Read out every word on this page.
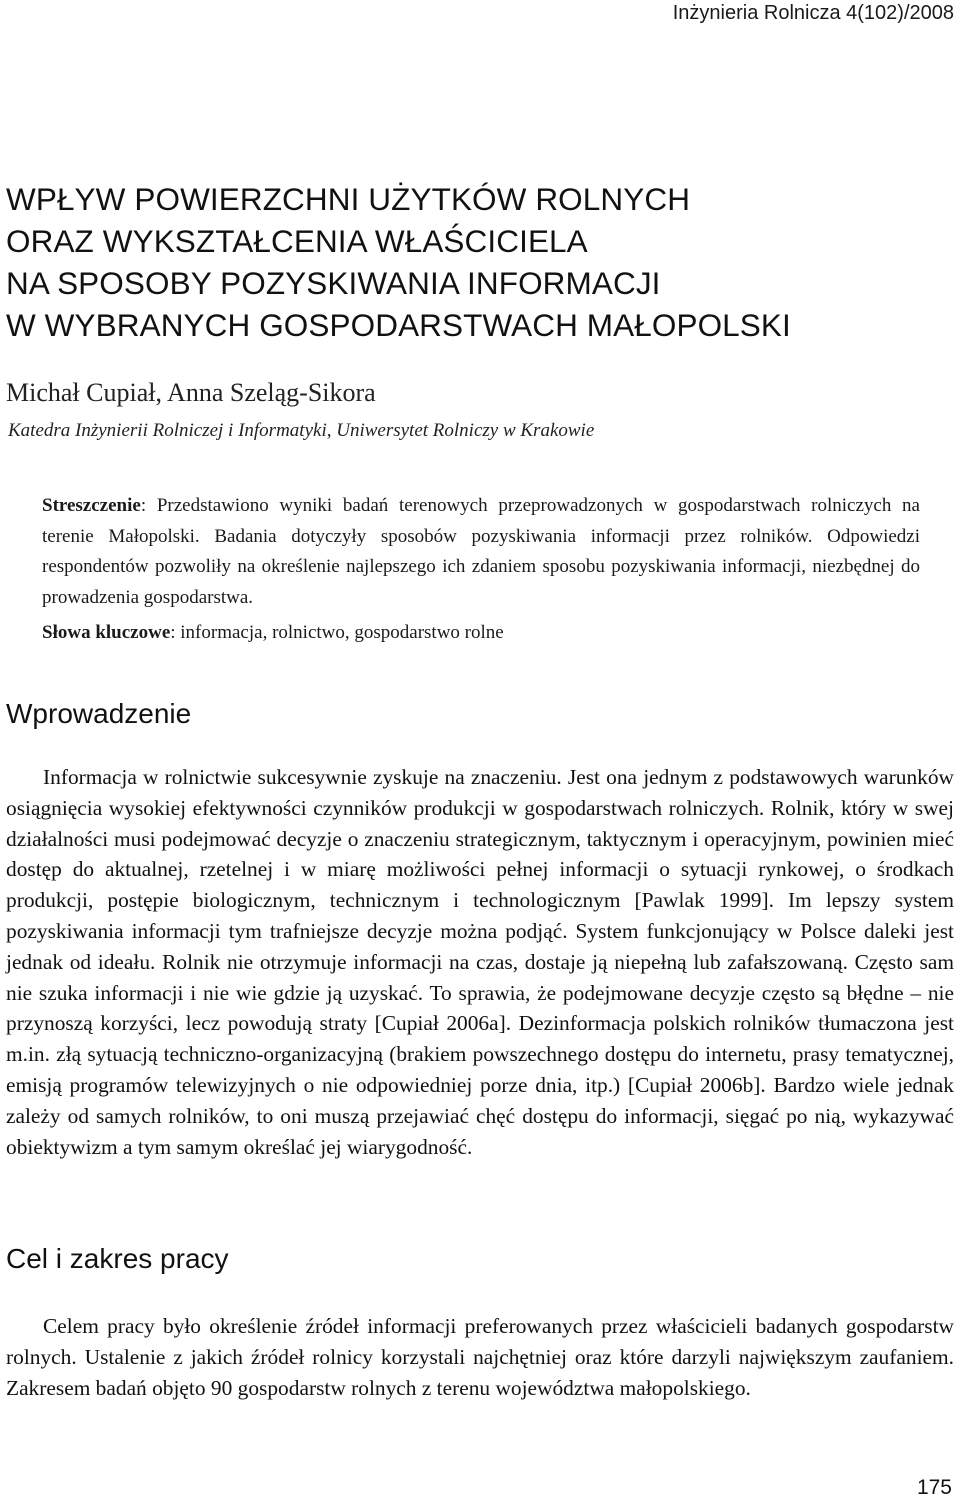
Inżynieria Rolnicza 4(102)/2008
WPŁYW POWIERZCHNI UŻYTKÓW ROLNYCH
ORAZ WYKSZTAŁCENIA WŁAŚCICIELA
NA SPOSOBY POZYSKIWANIA INFORMACJI
W WYBRANYCH GOSPODARSTWACH MAŁOPOLSKI
Michał Cupiał, Anna Szeląg-Sikora
Katedra Inżynierii Rolniczej i Informatyki, Uniwersytet Rolniczy w Krakowie
Streszczenie: Przedstawiono wyniki badań terenowych przeprowadzonych w gospodarstwach rolniczych na terenie Małopolski. Badania dotyczyły sposobów pozyskiwania informacji przez rolników. Odpowiedzi respondentów pozwoliły na określenie najlepszego ich zdaniem sposobu pozyskiwania informacji, niezbędnej do prowadzenia gospodarstwa.
Słowa kluczowe: informacja, rolnictwo, gospodarstwo rolne
Wprowadzenie

Informacja w rolnictwie sukcesywnie zyskuje na znaczeniu. Jest ona jednym z podstawowych warunków osiągnięcia wysokiej efektywności czynników produkcji w gospodarstwach rolniczych. Rolnik, który w swej działalności musi podejmować decyzje o znaczeniu strategicznym, taktycznym i operacyjnym, powinien mieć dostęp do aktualnej, rzetelnej i w miarę możliwości pełnej informacji o sytuacji rynkowej, o środkach produkcji, postępie biologicznym, technicznym i technologicznym [Pawlak 1999]. Im lepszy system pozyskiwania informacji tym trafniejsze decyzje można podjąć. System funkcjonujący w Polsce daleki jest jednak od ideału. Rolnik nie otrzymuje informacji na czas, dostaje ją niepełną lub zafałszowaną. Często sam nie szuka informacji i nie wie gdzie ją uzyskać. To sprawia, że podejmowane decyzje często są błędne – nie przynoszą korzyści, lecz powodują straty [Cupiał 2006a]. Dezinformacja polskich rolników tłumaczona jest m.in. złą sytuacją techniczno-organizacyjną (brakiem powszechnego dostępu do internetu, prasy tematycznej, emisją programów telewizyjnych o nie odpowiedniej porze dnia, itp.) [Cupiał 2006b]. Bardzo wiele jednak zależy od samych rolników, to oni muszą przejawiać chęć dostępu do informacji, sięgać po nią, wykazywać obiektywizm a tym samym określać jej wiarygodność.

Cel i zakres pracy

Celem pracy było określenie źródeł informacji preferowanych przez właścicieli badanych gospodarstw rolnych. Ustalenie z jakich źródeł rolnicy korzystali najchętniej oraz które darzyli największym zaufaniem. Zakresem badań objęto 90 gospodarstw rolnych z terenu województwa małopolskiego.

175
